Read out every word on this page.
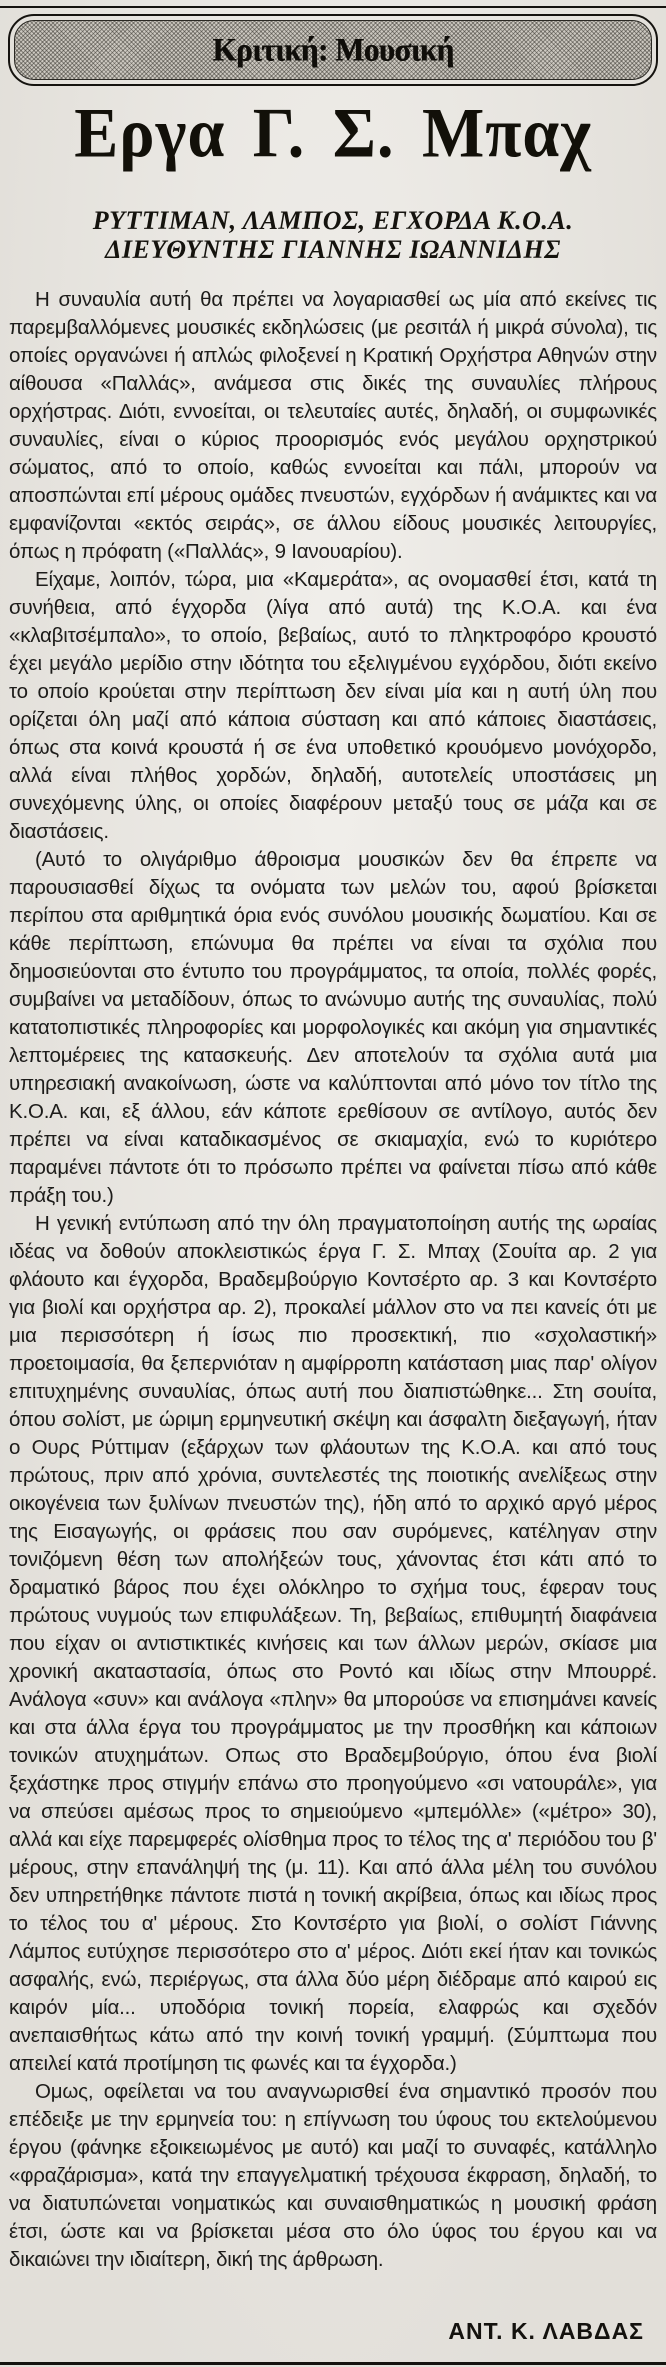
Κριτική: Μουσική
Εργα Γ. Σ. Μπαχ
ΡΥΤΤΙΜΑΝ, ΛΑΜΠΟΣ, ΕΓΧΟΡΔΑ Κ.Ο.Α.
ΔΙΕΥΘΥΝΤΗΣ ΓΙΑΝΝΗΣ ΙΩΑΝΝΙΔΗΣ

Η συναυλία αυτή θα πρέπει να λογαριασθεί ως μία από εκείνες τις παρεμβαλλόμενες μουσικές εκδηλώσεις (με ρεσιτάλ ή μικρά σύνολα), τις οποίες οργανώνει ή απλώς φιλοξενεί η Κρατική Ορχήστρα Αθηνών στην αίθουσα «Παλλάς», ανάμεσα στις δικές της συναυλίες πλήρους ορχήστρας. Διότι, εννοείται, οι τελευταίες αυτές, δηλαδή, οι συμφωνικές συναυλίες, είναι ο κύριος προορισμός ενός μεγάλου ορχηστρικού σώματος, από το οποίο, καθώς εννοείται και πάλι, μπορούν να αποσπώνται επί μέρους ομάδες πνευστών, εγχόρδων ή ανάμικτες και να εμφανίζονται «εκτός σειράς», σε άλλου είδους μουσικές λειτουργίες, όπως η πρόφατη («Παλλάς», 9 Ιανουαρίου).

Είχαμε, λοιπόν, τώρα, μια «Καμεράτα», ας ονομασθεί έτσι, κατά τη συνήθεια, από έγχορδα (λίγα από αυτά) της Κ.Ο.Α. και ένα «κλαβιτσέμπαλο», το οποίο, βεβαίως, αυτό το πληκτροφόρο κρουστό έχει μεγάλο μερίδιο στην ιδότητα του εξελιγμένου εγχόρδου, διότι εκείνο το οποίο κρούεται στην περίπτωση δεν είναι μία και η αυτή ύλη που ορίζεται όλη μαζί από κάποια σύσταση και από κάποιες διαστάσεις, όπως στα κοινά κρουστά ή σε ένα υποθετικό κρουόμενο μονόχορδο, αλλά είναι πλήθος χορδών, δηλαδή, αυτοτελείς υποστάσεις μη συνεχόμενης ύλης, οι οποίες διαφέρουν μεταξύ τους σε μάζα και σε διαστάσεις.

(Αυτό το ολιγάριθμο άθροισμα μουσικών δεν θα έπρεπε να παρουσιασθεί δίχως τα ονόματα των μελών του, αφού βρίσκεται περίπου στα αριθμητικά όρια ενός συνόλου μουσικής δωματίου. Και σε κάθε περίπτωση, επώνυμα θα πρέπει να είναι τα σχόλια που δημοσιεύονται στο έντυπο του προγράμματος, τα οποία, πολλές φορές, συμβαίνει να μεταδίδουν, όπως το ανώνυμο αυτής της συναυλίας, πολύ κατατοπιστικές πληροφορίες και μορφολογικές και ακόμη για σημαντικές λεπτομέρειες της κατασκευής. Δεν αποτελούν τα σχόλια αυτά μια υπηρεσιακή ανακοίνωση, ώστε να καλύπτονται από μόνο τον τίτλο της Κ.Ο.Α. και, εξ άλλου, εάν κάποτε ερεθίσουν σε αντίλογο, αυτός δεν πρέπει να είναι καταδικασμένος σε σκιαμαχία, ενώ το κυριότερο παραμένει πάντοτε ότι το πρόσωπο πρέπει να φαίνεται πίσω από κάθε πράξη του.)

Η γενική εντύπωση από την όλη πραγματοποίηση αυτής της ωραίας ιδέας να δοθούν αποκλειστικώς έργα Γ. Σ. Μπαχ (Σουίτα αρ. 2 για φλάουτο και έγχορδα, Βραδεμβούργιο Κοντσέρτο αρ. 3 και Κοντσέρτο για βιολί και ορχήστρα αρ. 2), προκαλεί μάλλον στο να πει κανείς ότι με μια περισσότερη ή ίσως πιο προσεκτική, πιο «σχολαστική» προετοιμασία, θα ξεπερνιόταν η αμφίρροπη κατάσταση μιας παρ' ολίγον επιτυχημένης συναυλίας, όπως αυτή που διαπιστώθηκε... Στη σουίτα, όπου σολίστ, με ώριμη ερμηνευτική σκέψη και άσφαλτη διεξαγωγή, ήταν ο Ουρς Ρύττιμαν (εξάρχων των φλάουτων της Κ.Ο.Α. και από τους πρώτους, πριν από χρόνια, συντελεστές της ποιοτικής ανελίξεως στην οικογένεια των ξυλίνων πνευστών της), ήδη από το αρχικό αργό μέρος της Εισαγωγής, οι φράσεις που σαν συρόμενες, κατέληγαν στην τονιζόμενη θέση των απολήξεών τους, χάνοντας έτσι κάτι από το δραματικό βάρος που έχει ολόκληρο το σχήμα τους, έφεραν τους πρώτους νυγμούς των επιφυλάξεων. Τη, βεβαίως, επιθυμητή διαφάνεια που είχαν οι αντιστικτικές κινήσεις και των άλλων μερών, σκίασε μια χρονική ακαταστασία, όπως στο Ροντό και ιδίως στην Μπουρρέ. Ανάλογα «συν» και ανάλογα «πλην» θα μπορούσε να επισημάνει κανείς και στα άλλα έργα του προγράμματος με την προσθήκη και κάποιων τονικών ατυχημάτων. Οπως στο Βραδεμβούργιο, όπου ένα βιολί ξεχάστηκε προς στιγμήν επάνω στο προηγούμενο «σι νατουράλε», για να σπεύσει αμέσως προς το σημειούμενο «μπεμόλλε» («μέτρο» 30), αλλά και είχε παρεμφερές ολίσθημα προς το τέλος της α' περιόδου του β' μέρους, στην επανάληψή της (μ. 11). Και από άλλα μέλη του συνόλου δεν υπηρετήθηκε πάντοτε πιστά η τονική ακρίβεια, όπως και ιδίως προς το τέλος του α' μέρους. Στο Κοντσέρτο για βιολί, ο σολίστ Γιάννης Λάμπος ευτύχησε περισσότερο στο α' μέρος. Διότι εκεί ήταν και τονικώς ασφαλής, ενώ, περιέργως, στα άλλα δύο μέρη διέδραμε από καιρού εις καιρόν μία... υποδόρια τονική πορεία, ελαφρώς και σχεδόν ανεπαισθήτως κάτω από την κοινή τονική γραμμή. (Σύμπτωμα που απειλεί κατά προτίμηση τις φωνές και τα έγχορδα.)

Ομως, οφείλεται να του αναγνωρισθεί ένα σημαντικό προσόν που επέδειξε με την ερμηνεία του: η επίγνωση του ύφους του εκτελούμενου έργου (φάνηκε εξοικειωμένος με αυτό) και μαζί το συναφές, κατάλληλο «φραζάρισμα», κατά την επαγγελματική τρέχουσα έκφραση, δηλαδή, το να διατυπώνεται νοηματικώς και συναισθηματικώς η μουσική φράση έτσι, ώστε και να βρίσκεται μέσα στο όλο ύφος του έργου και να δικαιώνει την ιδιαίτερη, δική της άρθρωση.

ΑΝΤ. Κ. ΛΑΒΔΑΣ
